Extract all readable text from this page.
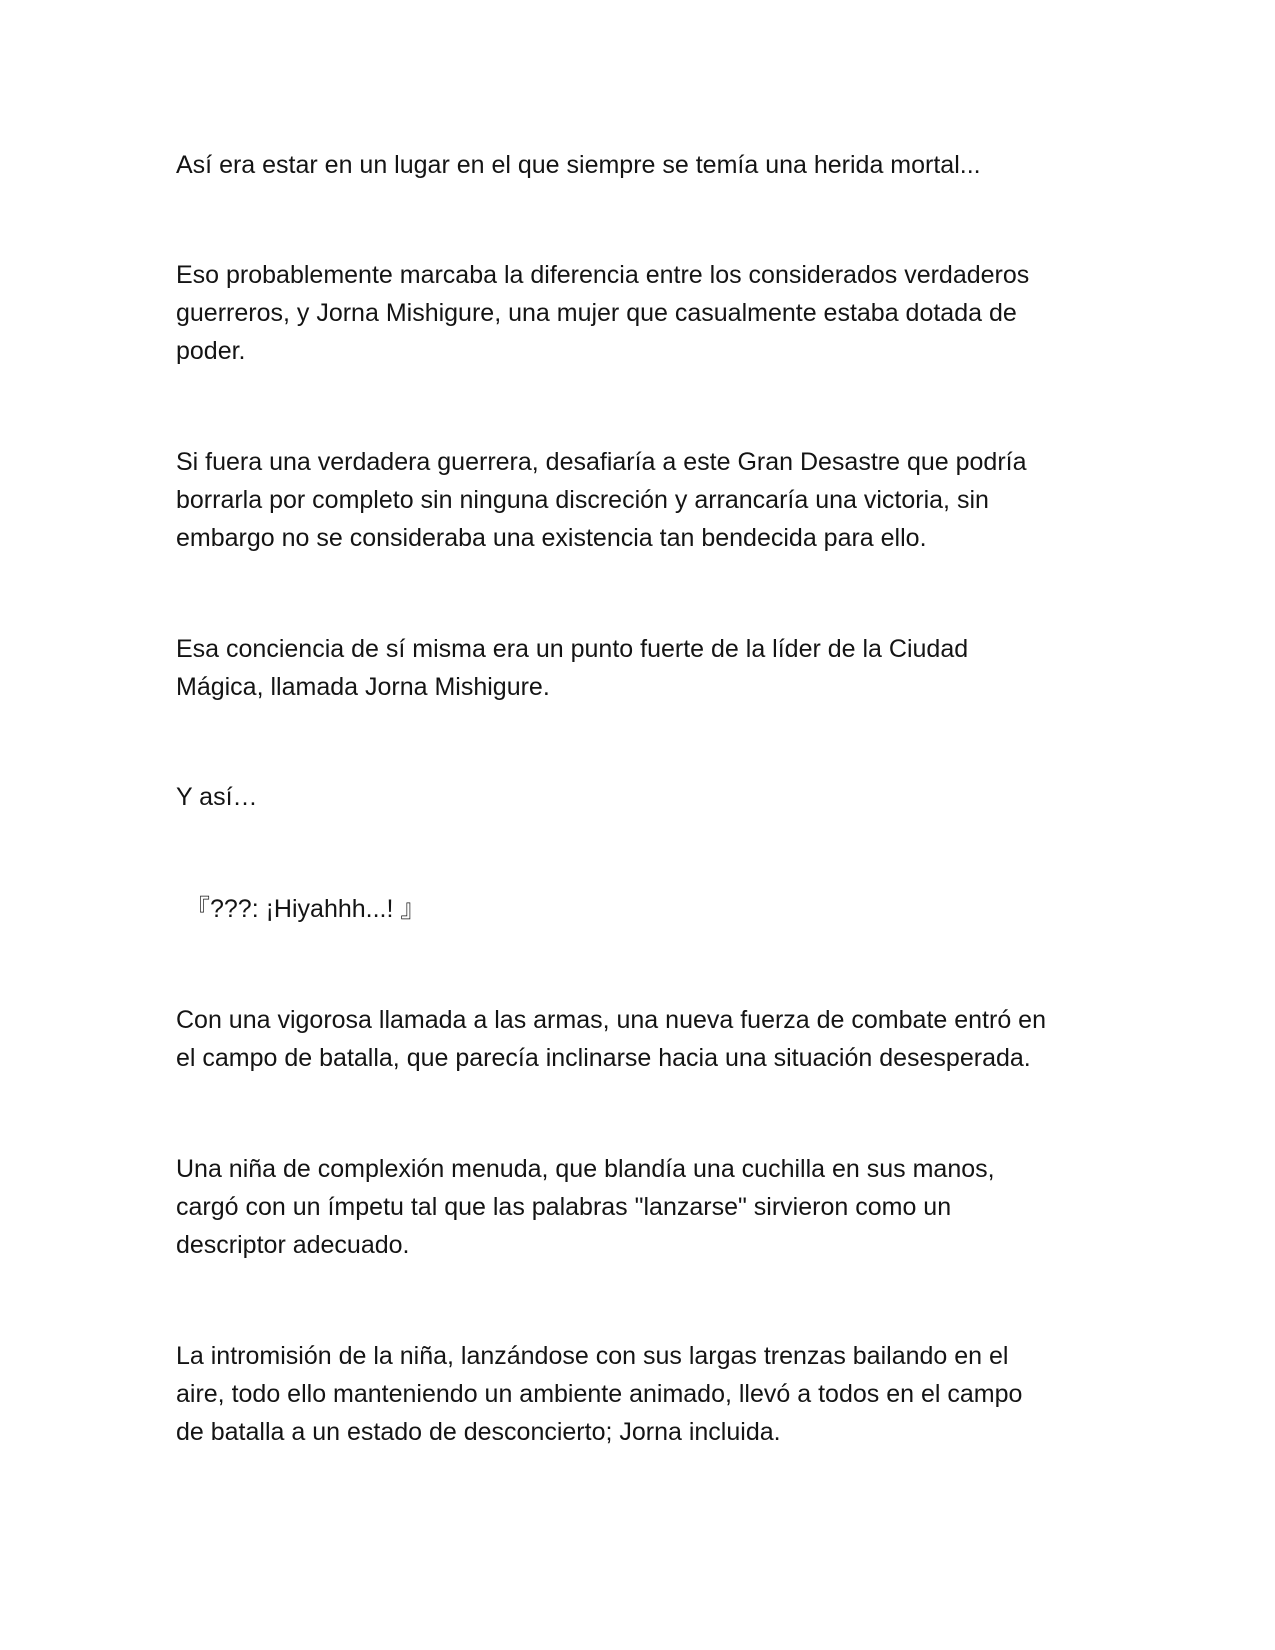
Así era estar en un lugar en el que siempre se temía una herida mortal...

Eso probablemente marcaba la diferencia entre los considerados verdaderos
guerreros, y Jorna Mishigure, una mujer que casualmente estaba dotada de
poder.

Si fuera una verdadera guerrera, desafiaría a este Gran Desastre que podría
borrarla por completo sin ninguna discreción y arrancaría una victoria, sin
embargo no se consideraba una existencia tan bendecida para ello.

Esa conciencia de sí misma era un punto fuerte de la líder de la Ciudad
Mágica, llamada Jorna Mishigure.

Y así…

『???: ¡Hiyahhh...! 』

Con una vigorosa llamada a las armas, una nueva fuerza de combate entró en
el campo de batalla, que parecía inclinarse hacia una situación desesperada.

Una niña de complexión menuda, que blandía una cuchilla en sus manos,
cargó con un ímpetu tal que las palabras "lanzarse" sirvieron como un
descriptor adecuado.

La intromisión de la niña, lanzándose con sus largas trenzas bailando en el
aire, todo ello manteniendo un ambiente animado, llevó a todos en el campo
de batalla a un estado de desconcierto; Jorna incluida.
